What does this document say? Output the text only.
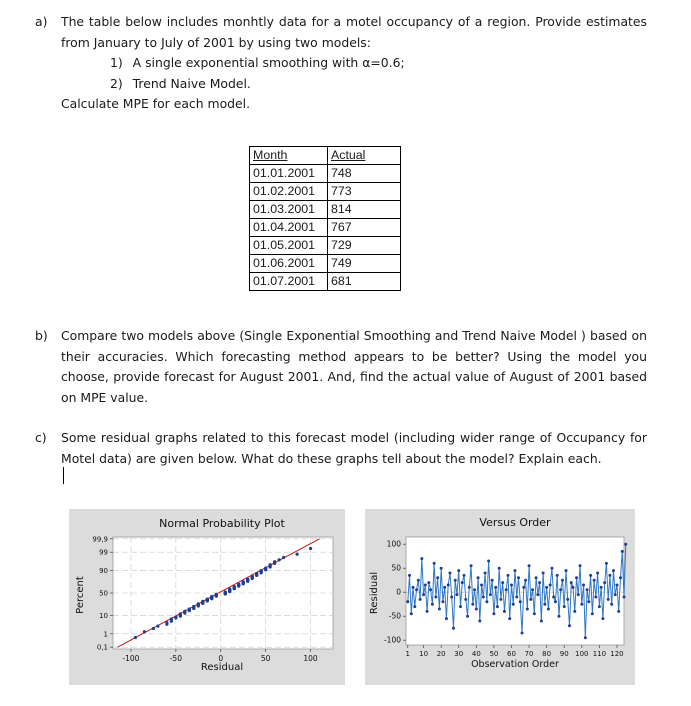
a) The table below includes monhtly data for a motel occupancy of a region. Provide estimates from January to July of 2001 by using two models:
1) A single exponential smoothing with α=0.6;
2) Trend Naive Model.
Calculate MPE for each model.
Month	Actual
01.01.2001	748
01.02.2001	773
01.03.2001	814
01.04.2001	767
01.05.2001	729
01.06.2001	749
01.07.2001	681
b) Compare two models above (Single Exponential Smoothing and Trend Naive Model ) based on their accuracies. Which forecasting method appears to be better? Using the model you choose, provide forecast for August 2001. And, find the actual value of August of 2001 based on MPE value.
c) Some residual graphs related to this forecast model (including wider range of Occupancy for Motel data) are given below. What do these graphs tell about the model? Explain each.
-100	-50	0	50	100
0,1
1
10
50
90
99
99,9
Normal Probability Plot
Residual
Percent
1 10 20 30 40 50 60 70 80 90 100 110 120
100
50
0
-50
-100
Versus Order
Observation Order
Residual
